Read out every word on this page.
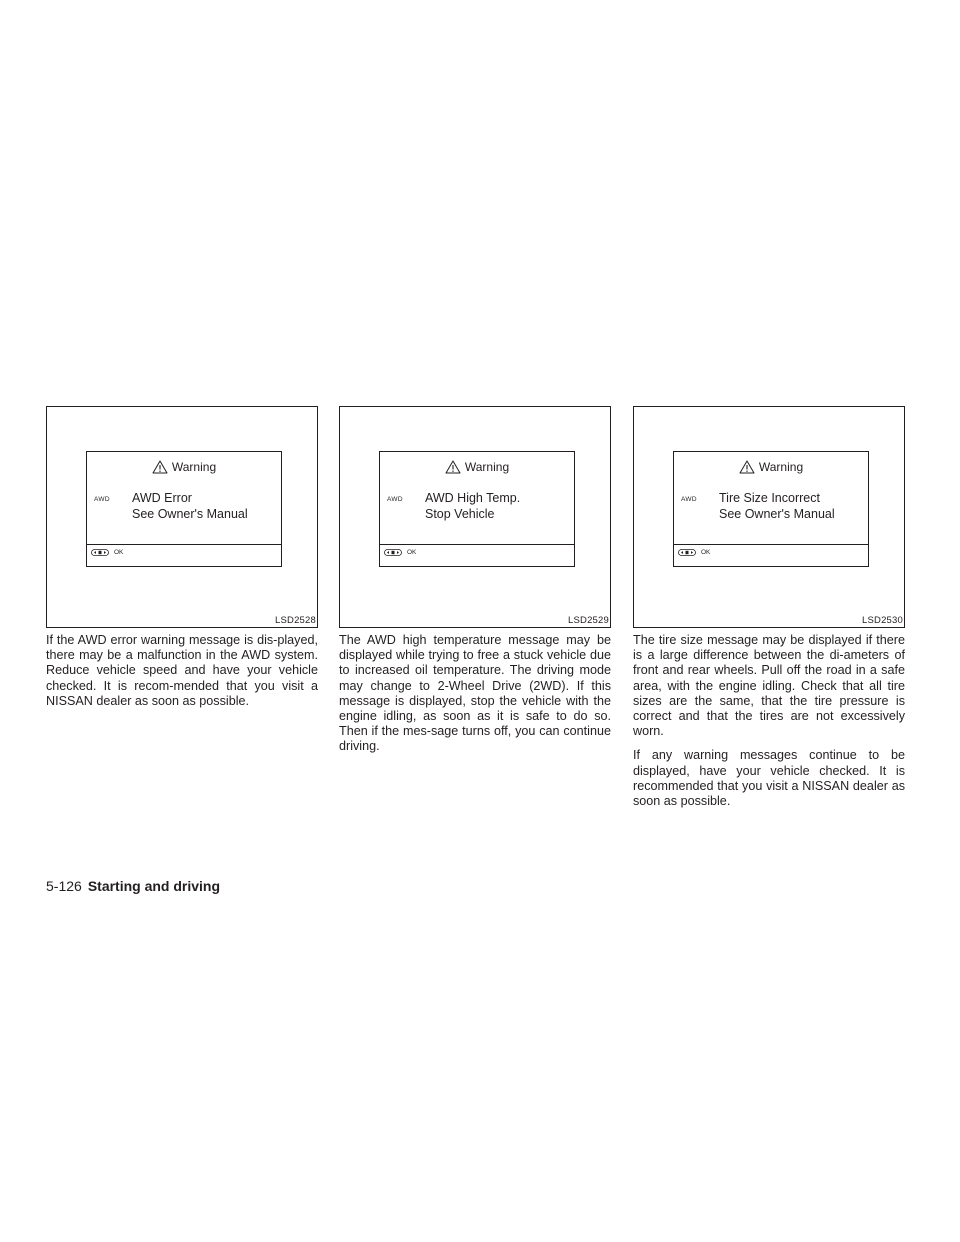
Warning
AWD AWD Error
See Owner's Manual
OK
LSD2528
Warning
AWD AWD High Temp.
Stop Vehicle
OK
LSD2529
Warning
AWD Tire Size Incorrect
See Owner's Manual
OK
LSD2530

If the AWD error warning message is dis-played, there may be a malfunction in the AWD system. Reduce vehicle speed and have your vehicle checked. It is recom-mended that you visit a NISSAN dealer as soon as possible.

The AWD high temperature message may be displayed while trying to free a stuck vehicle due to increased oil temperature. The driving mode may change to 2-Wheel Drive (2WD). If this message is displayed, stop the vehicle with the engine idling, as soon as it is safe to do so. Then if the mes-sage turns off, you can continue driving.

The tire size message may be displayed if there is a large difference between the di-ameters of front and rear wheels. Pull off the road in a safe area, with the engine idling. Check that all tire sizes are the same, that the tire pressure is correct and that the tires are not excessively worn.

If any warning messages continue to be displayed, have your vehicle checked. It is recommended that you visit a NISSAN dealer as soon as possible.

5-126 Starting and driving
